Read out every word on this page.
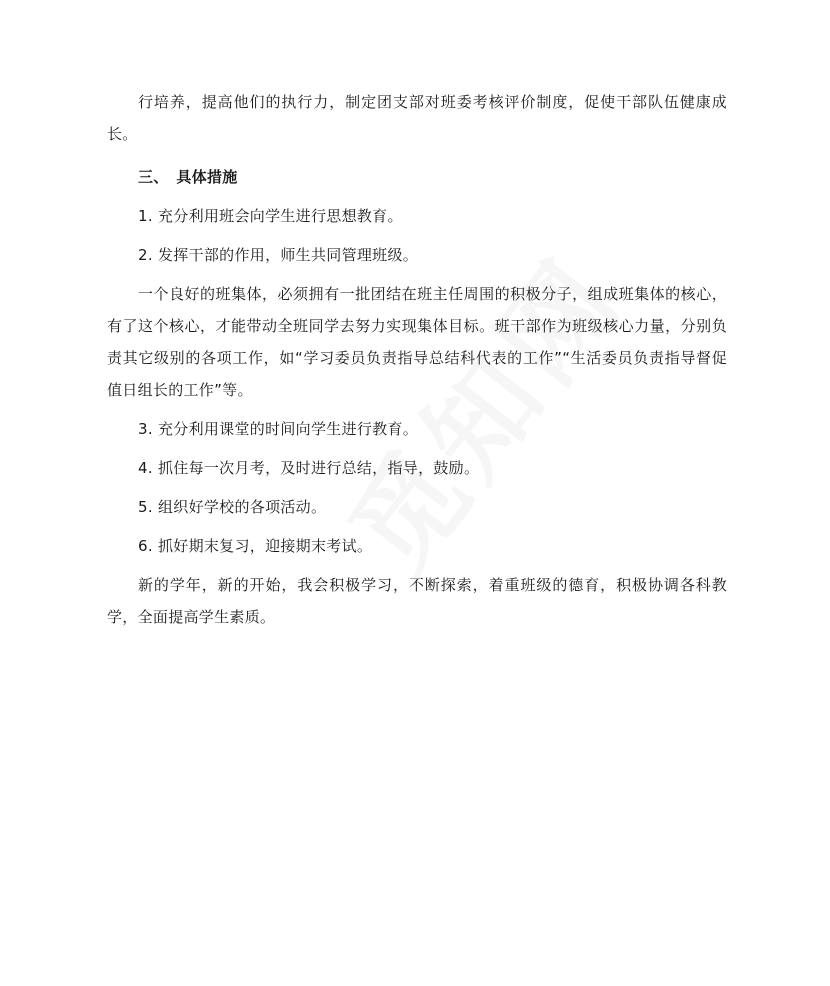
行培养，提高他们的执行力，制定团支部对班委考核评价制度，促使干部队伍健康成长。

三、　具体措施

1. 充分利用班会向学生进行思想教育。

2. 发挥干部的作用，师生共同管理班级。

一个良好的班集体，必须拥有一批团结在班主任周围的积极分子，组成班集体的核心，有了这个核心，才能带动全班同学去努力实现集体目标。班干部作为班级核心力量，分别负责其它级别的各项工作，如“学习委员负责指导总结科代表的工作”“生活委员负责指导督促值日组长的工作”等。

3. 充分利用课堂的时间向学生进行教育。

4. 抓住每一次月考，及时进行总结，指导，鼓励。

5. 组织好学校的各项活动。

6. 抓好期末复习，迎接期末考试。

新的学年，新的开始，我会积极学习，不断探索，着重班级的德育，积极协调各科教学，全面提高学生素质。
